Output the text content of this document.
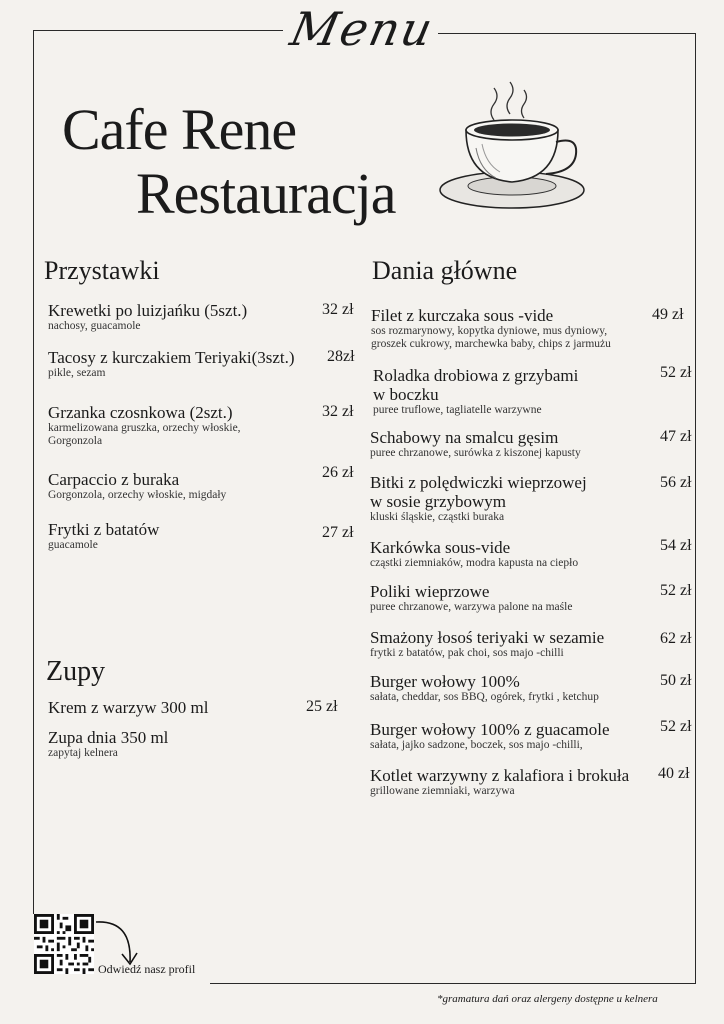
Menu
Cafe Rene
Restauracja
Przystawki
Krewetki po luizjańku (5szt.)
nachosy, guacamole
32 zł
Tacosy z kurczakiem Teriyaki(3szt.)
pikle, sezam
28zł
Grzanka czosnkowa (2szt.)
karmelizowana gruszka, orzechy włoskie,
Gorgonzola
32 zł
Carpaccio z buraka
Gorgonzola, orzechy włoskie, migdały
26 zł
Frytki z batatów
guacamole
27 zł
Zupy
Krem z warzyw 300 ml	25 zł
Zupa dnia 350 ml
zapytaj kelnera
Dania główne
Filet z kurczaka sous -vide
sos rozmarynowy, kopytka dyniowe, mus dyniowy,
groszek cukrowy, marchewka baby, chips z jarmużu
49 zł
Roladka drobiowa z grzybami
w boczku
puree truflowe, tagliatelle warzywne
52 zł
Schabowy na smalcu gęsim
puree chrzanowe, surówka z kiszonej kapusty
47 zł
Bitki z polędwiczki wieprzowej
w sosie grzybowym
kluski śląskie, cząstki buraka
56 zł
Karkówka sous-vide
cząstki ziemniaków, modra kapusta na ciepło
54 zł
Poliki wieprzowe
puree chrzanowe, warzywa palone na maśle
52 zł
Smażony łosoś teriyaki w sezamie
frytki z batatów, pak choi, sos majo -chilli
62 zł
Burger wołowy 100%
sałata, cheddar, sos BBQ, ogórek, frytki , ketchup
50 zł
Burger wołowy 100% z guacamole
sałata, jajko sadzone, boczek, sos majo -chilli,
52 zł
Kotlet warzywny z kalafiora i brokuła
grillowane ziemniaki, warzywa
40 zł
Odwiedź nasz profil
*gramatura dań oraz alergeny dostępne u kelnera
